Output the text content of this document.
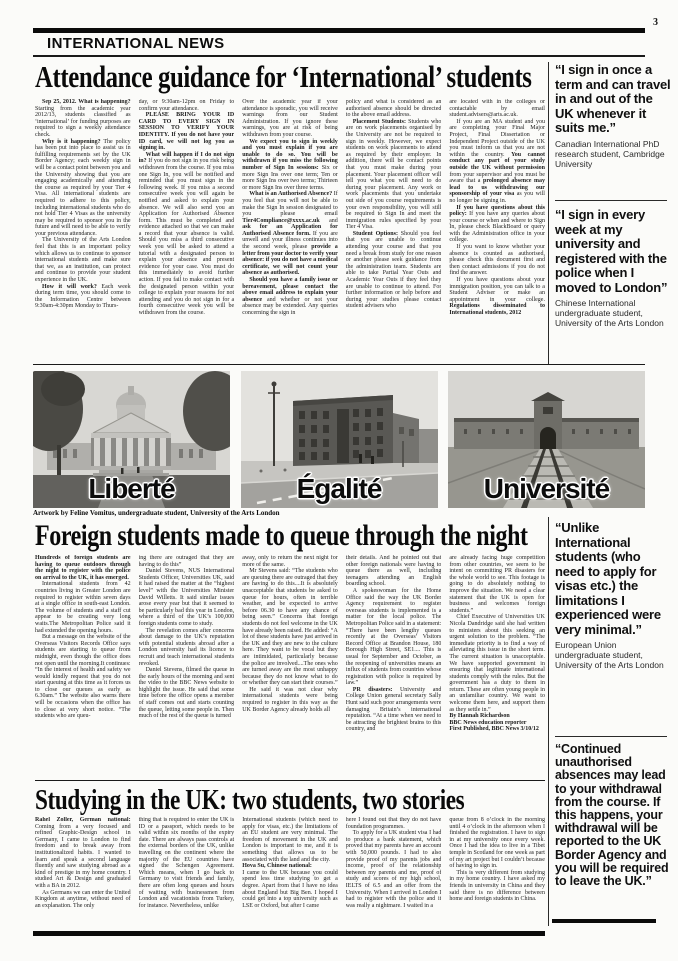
3
INTERNATIONAL NEWS
Attendance guidance for ‘International’ students

Sep 25, 2012. What is happening? Starting from the academic year 2012/13, students classified as ‘international’ for funding purposes are required to sign a weekly attendance check.

Why is it happening? The policy has been put into place to assist us in fulfilling requirements set by the UK Border Agency; each weekly sign in will be a contact point between you and the University showing that you are engaging academically and attending the course as required by your Tier 4 Visa. All international students are required to adhere to this policy, including international students who do not hold Tier 4 Visas as the university may be required to sponsor you in the future and will need to be able to verify your previous attendance.

The University of the Arts London feel that this is an important policy which allows us to continue to sponsor international students and make sure that we, as an institution, can protect and continue to provide your student experience in the UK.

How it will work? Each week during term time, you should come to the Information Centre between 9:30am-4:30pm Monday to Thurs-

day, or 9:30am-12pm on Friday to confirm your attendance.

PLEASE BRING YOUR ID CARD TO EVERY SIGN IN SESSION TO VERIFY YOUR IDENTITY. If you do not have your ID card, we will not log you as signing in.

What will happen if I do not sign in? If you do not sign in you risk being withdrawn from the course. If you miss one Sign In, you will be notified and reminded that you must sign in the following week. If you miss a second consecutive week you will again be notified and asked to explain your absence. We will also send you an Application for Authorised Absence form. This must be completed and evidence attached so that we can make a record that your absence is valid. Should you miss a third consecutive week you will be asked to attend a tutorial with a designated person to explain your absence and present evidence for your case. You must do this immediately to avoid further action. If you fail to make contact with the designated person within your college to explain your reasons for not attending and you do not sign in for a fourth consecutive week you will be withdrawn from the course.

Over the academic year if your attendance is sporadic, you will receive warnings from our Student Administration. If you ignore these warnings, you are at risk of being withdrawn from your course.

We expect you to sign in weekly and you must explain if you are unable to do so. You will be withdrawn if you miss the following number of Sign In sessions: Six or more Sign Ins over one term; Ten or more Sign Ins over two terms; Thirteen or more Sign Ins over three terms.

What is an Authorised Absence? If you feel that you will not be able to make the Sign In session designated to you please email Tier4Compliance@xxxx.ac.uk and ask for an Application for Authorised Absence form. If you are unwell and your illness continues into the second week, please provide a letter from your doctor to verify your absence: if you do not have a medical certificate, we will not count your absence as authorised.

Should you have a family issue or bereavement, please contact the above email address to explain your absence and whether or not your absence may be extended. Any queries concerning the sign in

policy and what is considered as an authorised absence should be directed to the above email address.

Placement Students: Students who are on work placements organised by the University are not be required to sign in weekly. However, we expect students on work placements to attend as required by their employer. In addition, there will be contact points that you must make during your placement. Your placement officer will tell you what you will need to do during your placement. Any work or work placements that you undertake out side of you course requirements is your own responsibility, you will still be required to Sign In and meet the immigration rules specified by your Tier 4 Visa.

Student Options: Should you feel that you are unable to continue attending your course and that you need a break from study for one reason or another please seek guidance from the administration team. Students are able to take Partial Year Outs and Academic Year Outs if they feel they are unable to continue to attend. For further information or help before and during your studies please contact student advisers who

are located with in the colleges or contactable by email student.advisers@arts.ac.uk.

If you are an MA student and you are completing your Final Major Project, Final Dissertation or Independent Project outside of the UK you must inform us that you are not within the country. You cannot conduct any part of your study outside the UK without permission from your supervisor and you must be aware that a prolonged absence may lead to us withdrawing our sponsorship of your visa as you will no longer be signing in.

If you have questions about this policy: If you have any queries about your course or when and where to Sign In, please check BlackBoard or query with the Administration office in your college.

If you want to know whether your absence is counted as authorised, please check this document first and then contact admissions if you do not find the answer.

If you have questions about your immigration position, you can talk to a Student Adviser or make an appointment in your college. Regulations disseminated to International students, 2012

Liberté	Égalité	Université
Artwork by Feline Vomitus, undergraduate student, University of the Arts London
Foreign students made to queue through the night

Hundreds of foreign students are having to queue outdoors through the night to register with the police on arrival to the UK, it has emerged.

International students from 42 countries living in Greater London are required to register within seven days at a single office in south-east London. The volume of students and a staff cut appear to be creating very long waits.The Metropolitan Police said it had extended the opening hours.

But a message on the website of the Overseas Visitors Records Office says students are starting to queue from midnight, even though the office does not open until the morning.It continues: “In the interest of health and safety we would kindly request that you do not start queuing at this time as it forces us to close our queues as early as 6.30am.” The website also warns there will be occasions when the office has to close at very short notice. “The students who are queu-

ing there are outraged that they are having to do this”

Daniel Stevens, NUS International Students Officer, Universities UK, said it had raised the matter at the “highest level” with the Universities Minister David Willetts. It said similar issues arose every year but that it seemed to be particularly bad this year in London, where a third of the UK’s 100,000 foreign students come to study.

The revelation comes after concerns about damage to the UK’s reputation with potential students abroad after a London university had its licence to recruit and teach international students revoked.

Daniel Stevens, filmed the queue in the early hours of the morning and sent the video to the BBC News website to highlight the issue. He said that some time before the office opens a member of staff comes out and starts counting the queue, letting some people in. Then much of the rest of the queue is turned

away, only to return the next night for more of the same.

Mr Stevens said: “The students who are queuing there are outraged that they are having to do this....It is absolutely unacceptable that students be asked to queue for hours, often in terrible weather, and be expected to arrive before 06.30 to have any chance of being seen.” Concerns that foreign students do not feel welcome in the UK have already been raised. He added: “A lot of these students have just arrived in the UK and they are new to the culture here. They want to be vocal but they are intimidated, particularly because the police are involved....The ones who are turned away are the most unhappy because they do not know what to do or whether they can start their courses.”

He said it was not clear why international students were being required to register in this way as the UK Border Agency already holds all

their details. And he pointed out that other foreign nationals were having to queue there as well, including teenagers attending an English boarding school.

A spokeswoman for the Home Office said the way the UK Border Agency requirement to register overseas students is implemented is a matter for the local police. The Metropolitan Police said in a statement: “There have been lengthy queues recently at the Overseas’ Visitors Record Office at Brandon House, 180 Borough High Street, SE1.... This is usual for September and October, as the reopening of universities means an influx of students from countries whose registration with police is required by law.”

PR disasters: University and College Union general secretary Sally Hunt said such poor arrangements were damaging Britain’s international reputation. “At a time when we need to be attracting the brightest brains to this country, and

are already facing huge competition from other countries, we seem to be intent on committing PR disasters for the whole world to see. This footage is going to do absolutely nothing to improve the situation. We need a clear statement that the UK is open for business and welcomes foreign students.”

Chief Executive of Universities UK Nicola Dandridge said she had written to ministers about this seeking an urgent solution to the problem. “The immediate priority is to find a way of alleviating this issue in the short term. The current situation is unacceptable. We have supported government in ensuring that legitimate international students comply with the rules. But the government has a duty to them in return. These are often young people in an unfamiliar country. We want to welcome them here, and support them as they settle in.”

By Hannah Richardson

BBC News education reporter

First Published, BBC News 3/10/12

Studying in the UK: two students, two stories

Rahel Zoller, German national: Coming from a very focused and refined Graphic-Design school in Germany, I came to London to find freedom and to break away from institutionalized habits. I wanted to learn and speak a second language fluently and saw studying abroad as a kind of prestige in my home country. I studied Art & Design and graduated with a BA in 2012.

As Germans we can enter the United Kingdom at anytime, without need of an explanation. The only

thing that is required to enter the UK is ID or a passport, which needs to be valid within six months of the expiry date. There are always pass controls at the external borders of the UK, unlike travelling on the continent where the majority of the EU countries have signed the Schengen Agreement. Which means, when I go back to Germany to visit friends and family, there are often long queues and hours of waiting with businessmen from London and vacationists from Turkey, for instance. Nevertheless, unlike

International students (which need to apply for visas, etc.) the limitations of an EU student are very minimal. The freedom of movement in the UK and London is important to me, and it is something that allows us to be associated with the land and the city.

Hova Su, Chinese national:

I came to the UK because you could spend less time studying to get a degree. Apart from that I have no idea about England but Big Ben. I hoped I could get into a top university such as LSE or Oxford, but after I came

here I found out that they do not have foundation programmes.

To apply for a UK student visa I had to produce a bank statement, which proved that my parents have an account with 50,000 pounds. I had to also provide proof of my parents jobs and income, proof of the relationship between my parents and me, proof of study and scores of my high school, IELTS of 6.5 and an offer from the University. When I arrived in London I had to register with the police and it was really a nightmare. I waited in a

queue from 8 o’clock in the morning until 4 o’clock in the afternoon when I finished the registration. I have to sign in at my university once every week. Once I had the idea to live in a Tibet temple in Scotland for one week as part of my art project but I couldn’t because of having to sign in.

This is very different from studying in my home country. I have asked my friends in university in China and they said there is no difference between home and foreign students in China.

“I sign in once a term and can travel in and out of the UK whenever it suits me.”
Canadian International PhD research student, Cambridge University
“I sign in every week at my university and registered with the police when I moved to London”
Chinese International undergraduate student, University of the Arts London
“Unlike International students (who need to apply for visas etc.) the limitations I experienced were very minimal.”
European Union undergraduate student, University of the Arts London
“Continued unauthorised absences may lead to your withdrawal from the course. If this happens, your withdrawal will be reported to the UK Border Agency and you will be required to leave the UK.”
